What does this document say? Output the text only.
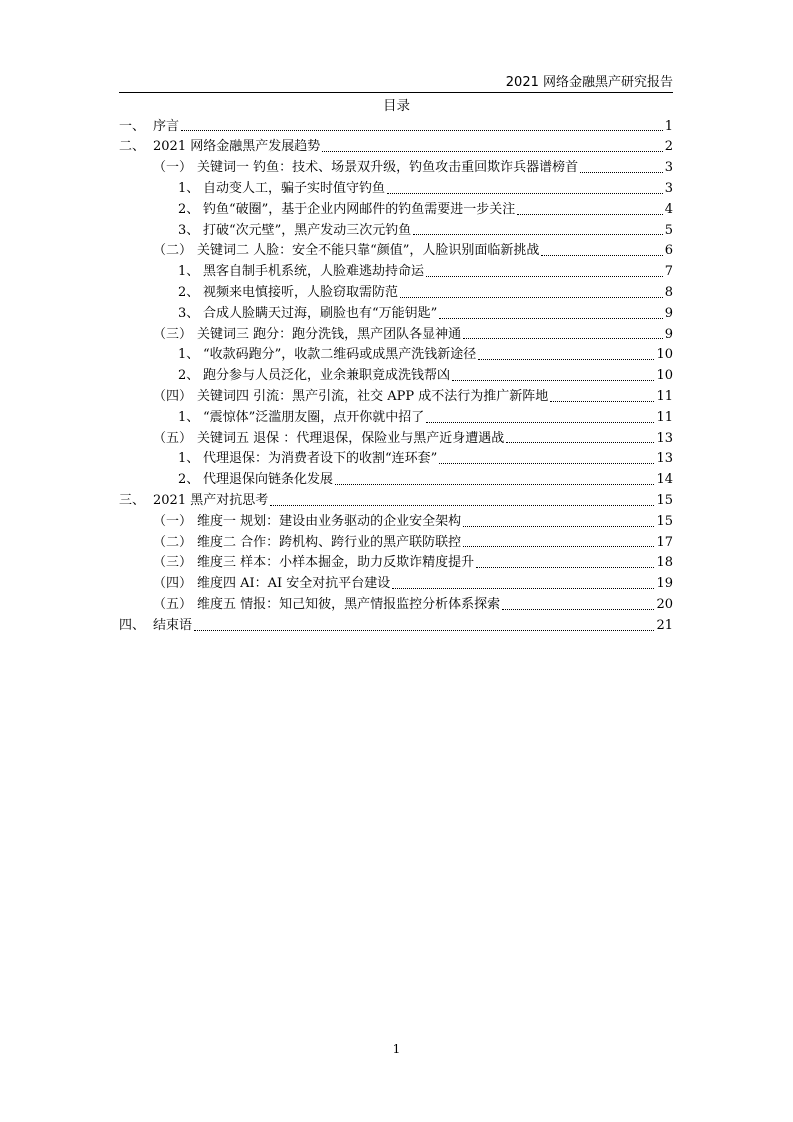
2021 网络金融黑产研究报告
目录
一、 序言	1
二、 2021 网络金融黑产发展趋势	2
（一） 关键词一 钓鱼：技术、场景双升级，钓鱼攻击重回欺诈兵器谱榜首	3
1、 自动变人工，骗子实时值守钓鱼	3
2、 钓鱼“破圈”，基于企业内网邮件的钓鱼需要进一步关注	4
3、 打破“次元壁”，黑产发动三次元钓鱼	5
（二） 关键词二 人脸：安全不能只靠“颜值”，人脸识别面临新挑战	6
1、 黑客自制手机系统，人脸难逃劫持命运	7
2、 视频来电慎接听，人脸窃取需防范	8
3、 合成人脸瞒天过海，刷脸也有“万能钥匙”	9
（三） 关键词三 跑分：跑分洗钱，黑产团队各显神通	9
1、 “收款码跑分”，收款二维码或成黑产洗钱新途径	10
2、 跑分参与人员泛化，业余兼职竟成洗钱帮凶	10
（四） 关键词四 引流：黑产引流，社交 APP 成不法行为推广新阵地	11
1、 “震惊体”泛滥朋友圈，点开你就中招了	11
（五） 关键词五 退保 ：代理退保，保险业与黑产近身遭遇战	13
1、 代理退保：为消费者设下的收割“连环套”	13
2、 代理退保向链条化发展	14
三、 2021 黑产对抗思考	15
（一） 维度一 规划：建设由业务驱动的企业安全架构	15
（二） 维度二 合作：跨机构、跨行业的黑产联防联控	17
（三） 维度三 样本：小样本掘金，助力反欺诈精度提升	18
（四） 维度四 AI：AI 安全对抗平台建设	19
（五） 维度五 情报：知己知彼，黑产情报监控分析体系探索	20
四、 结束语	21
1
